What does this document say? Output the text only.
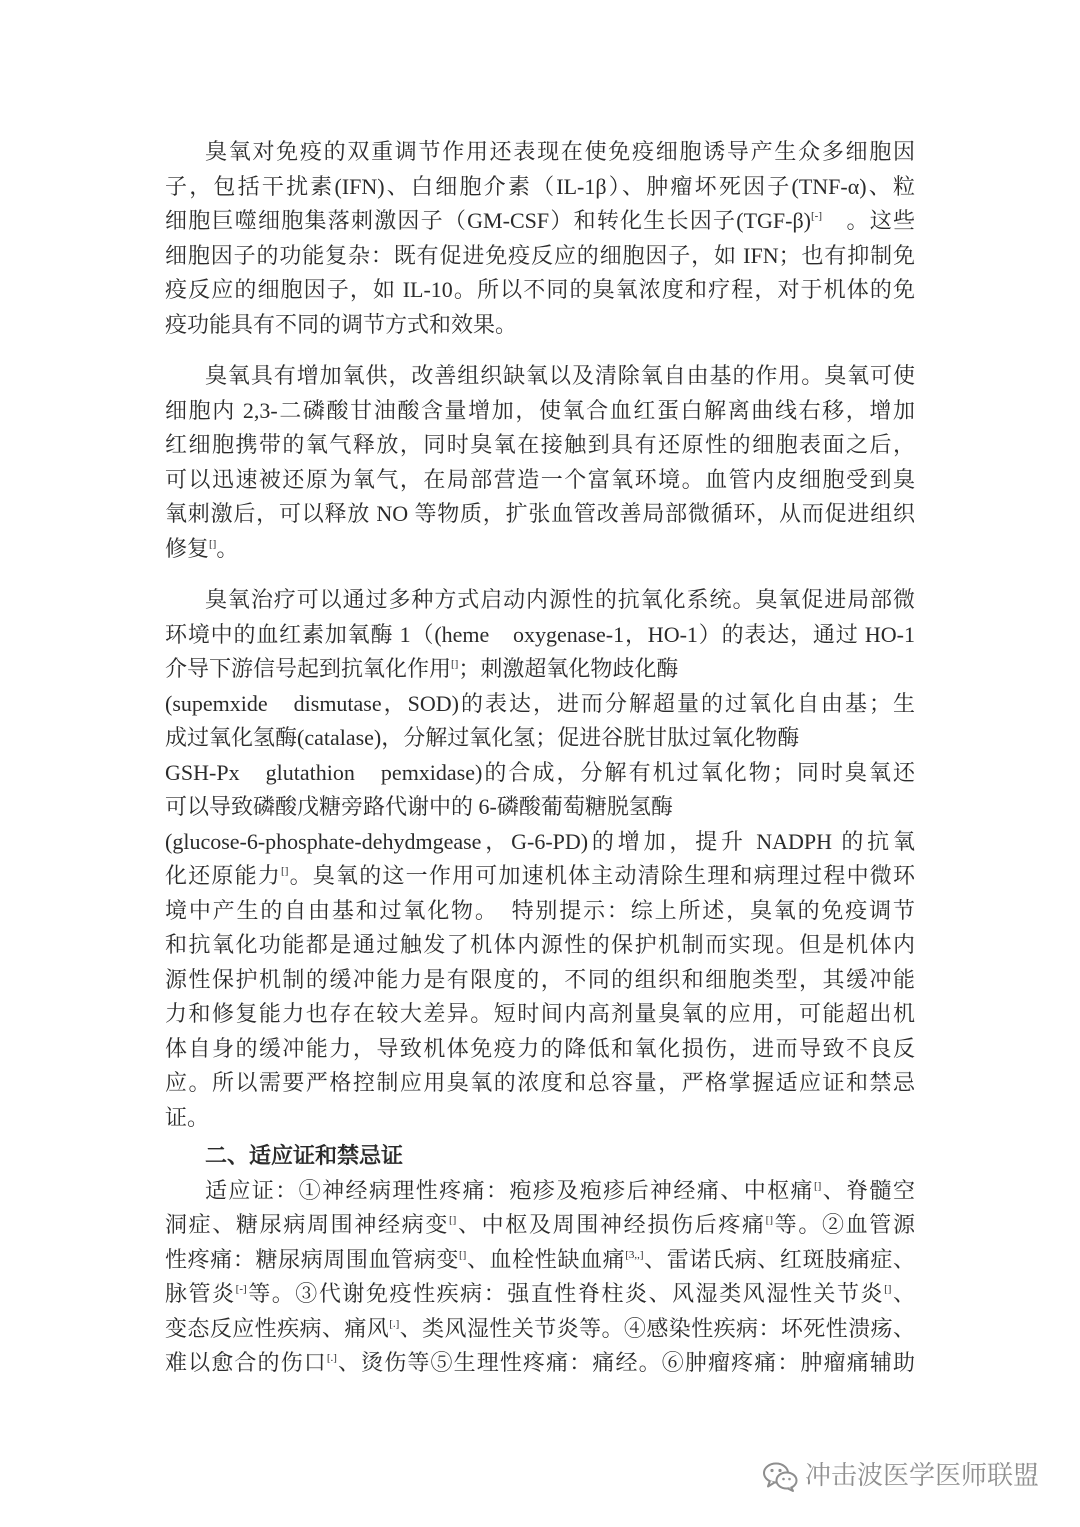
臭氧对免疫的双重调节作用还表现在使免疫细胞诱导产生众多细胞因
子，包括干扰素(IFN)、白细胞介素（IL-1β）、肿瘤坏死因子(TNF-α)、粒
细胞巨噬细胞集落刺激因子（GM-CSF）和转化生长因子(TGF-β)[-]　。这些
细胞因子的功能复杂：既有促进免疫反应的细胞因子，如 IFN；也有抑制免
疫反应的细胞因子，如 IL-10。所以不同的臭氧浓度和疗程，对于机体的免
疫功能具有不同的调节方式和效果。
臭氧具有增加氧供，改善组织缺氧以及清除氧自由基的作用。臭氧可使
细胞内 2,3-二磷酸甘油酸含量增加，使氧合血红蛋白解离曲线右移，增加
红细胞携带的氧气释放，同时臭氧在接触到具有还原性的细胞表面之后，
可以迅速被还原为氧气，在局部营造一个富氧环境。血管内皮细胞受到臭
氧刺激后，可以释放 NO 等物质，扩张血管改善局部微循环，从而促进组织
修复[]。
臭氧治疗可以通过多种方式启动内源性的抗氧化系统。臭氧促进局部微
环境中的血红素加氧酶 1（(heme　oxygenase-1，HO-1）的表达，通过 HO-1
介导下游信号起到抗氧化作用[]；刺激超氧化物歧化酶
(supemxide　dismutase，SOD)的表达，进而分解超量的过氧化自由基；生
成过氧化氢酶(catalase)，分解过氧化氢；促进谷胱甘肽过氧化物酶
GSH-Px　glutathion　pemxidase)的合成，分解有机过氧化物；同时臭氧还
可以导致磷酸戊糖旁路代谢中的 6-磷酸葡萄糖脱氢酶
(glucose-6-phosphate-dehydmgease，G-6-PD)的增加，提升 NADPH 的抗氧
化还原能力[]。臭氧的这一作用可加速机体主动清除生理和病理过程中微环
境中产生的自由基和过氧化物。　特别提示：综上所述，臭氧的免疫调节
和抗氧化功能都是通过触发了机体内源性的保护机制而实现。但是机体内
源性保护机制的缓冲能力是有限度的，不同的组织和细胞类型，其缓冲能
力和修复能力也存在较大差异。短时间内高剂量臭氧的应用，可能超出机
体自身的缓冲能力，导致机体免疫力的降低和氧化损伤，进而导致不良反
应。所以需要严格控制应用臭氧的浓度和总容量，严格掌握适应证和禁忌
证。
二、适应证和禁忌证
适应证：①神经病理性疼痛：疱疹及疱疹后神经痛、中枢痛[]、脊髓空
洞症、糖尿病周围神经病变[]、中枢及周围神经损伤后疼痛[]等。②血管源
性疼痛：糖尿病周围血管病变[]、血栓性缺血痛[3,,]、雷诺氏病、红斑肢痛症、
脉管炎[-]等。③代谢免疫性疾病：强直性脊柱炎、风湿类风湿性关节炎[]、
变态反应性疾病、痛风[.]、类风湿性关节炎等。④感染性疾病：坏死性溃疡、
难以愈合的伤口[.]、烫伤等⑤生理性疼痛：痛经。⑥肿瘤疼痛：肿瘤痛辅助
冲击波医学医师联盟
